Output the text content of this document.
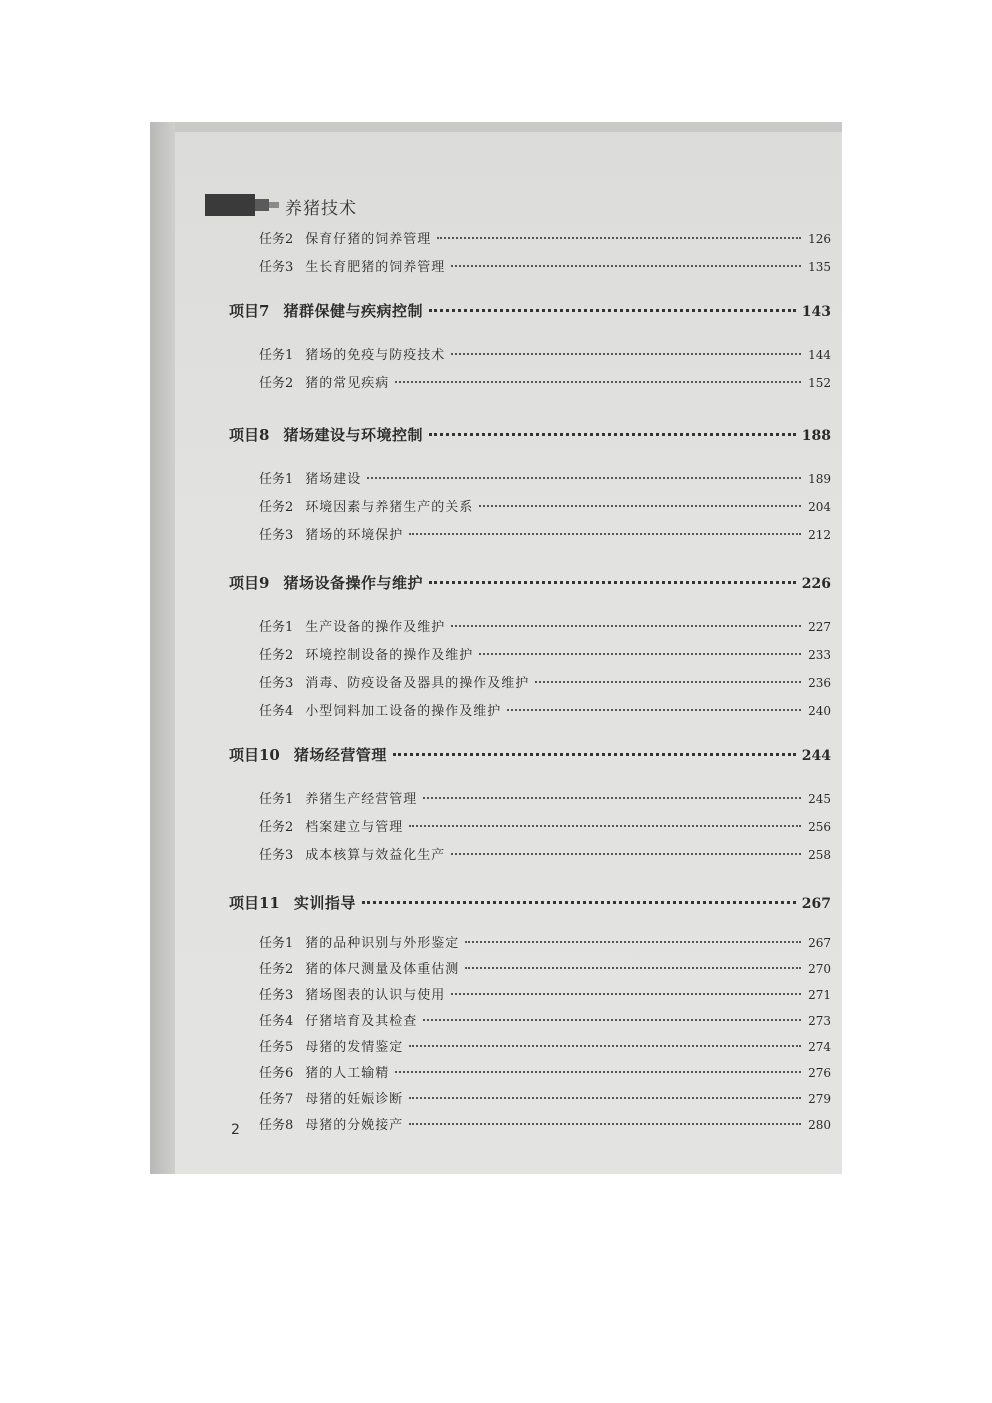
养猪技术
任务2 保育仔猪的饲养管理	126
任务3 生长育肥猪的饲养管理	135
项目7 猪群保健与疾病控制	143
任务1 猪场的免疫与防疫技术	144
任务2 猪的常见疾病	152
项目8 猪场建设与环境控制	188
任务1 猪场建设	189
任务2 环境因素与养猪生产的关系	204
任务3 猪场的环境保护	212
项目9 猪场设备操作与维护	226
任务1 生产设备的操作及维护	227
任务2 环境控制设备的操作及维护	233
任务3 消毒、防疫设备及器具的操作及维护	236
任务4 小型饲料加工设备的操作及维护	240
项目10 猪场经营管理	244
任务1 养猪生产经营管理	245
任务2 档案建立与管理	256
任务3 成本核算与效益化生产	258
项目11 实训指导	267
任务1 猪的品种识别与外形鉴定	267
任务2 猪的体尺测量及体重估测	270
任务3 猪场图表的认识与使用	271
任务4 仔猪培育及其检查	273
任务5 母猪的发情鉴定	274
任务6 猪的人工输精	276
任务7 母猪的妊娠诊断	279
任务8 母猪的分娩接产	280
2
